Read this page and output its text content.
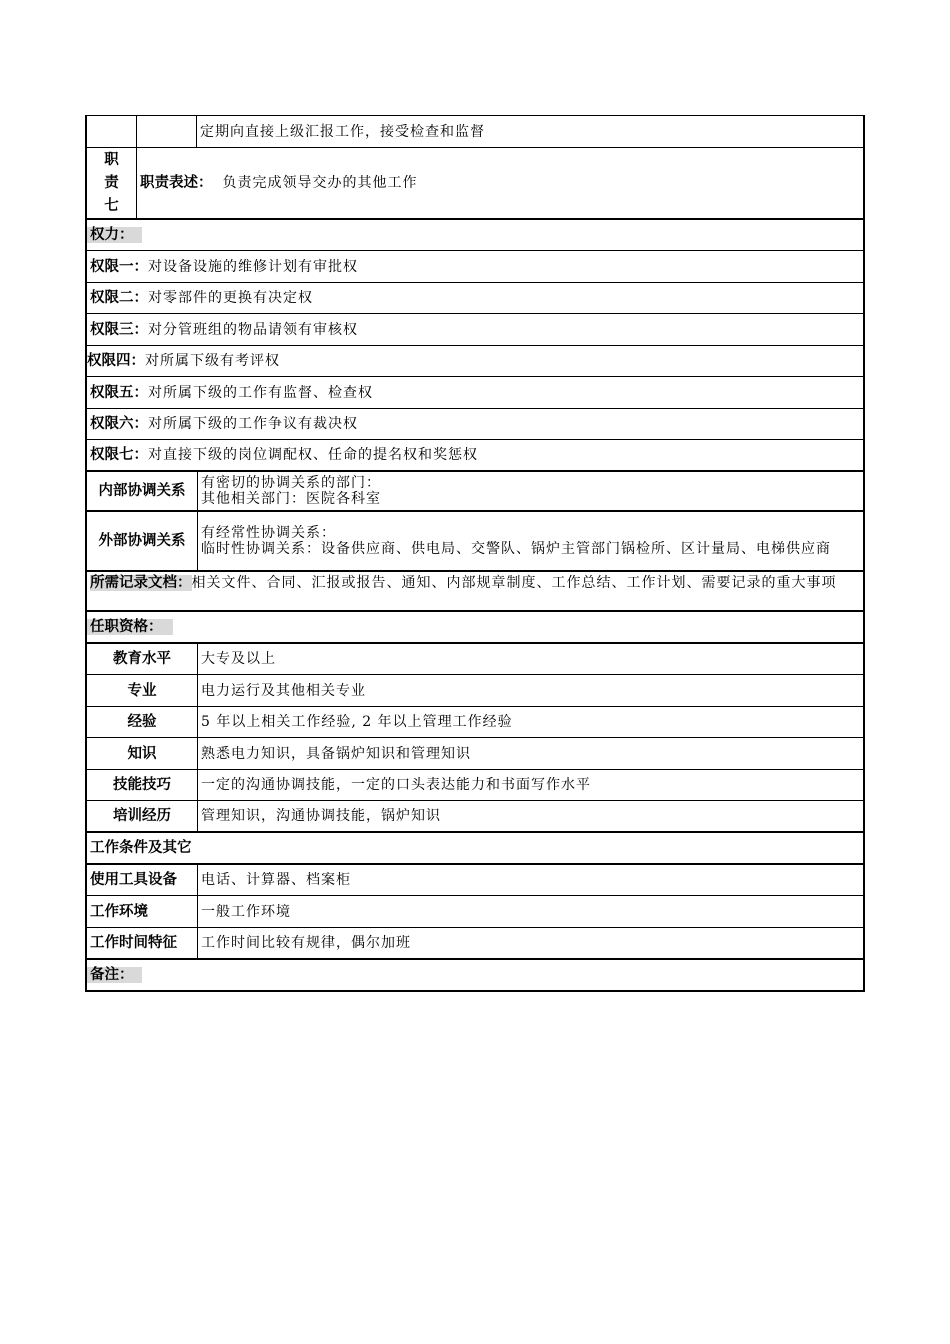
定期向直接上级汇报工作，接受检查和监督
职
责
七
职责表述： 负责完成领导交办的其他工作
权力：
权限一： 对设备设施的维修计划有审批权
权限二： 对零部件的更换有决定权
权限三： 对分管班组的物品请领有审核权
权限四： 对所属下级有考评权
权限五： 对所属下级的工作有监督、检查权
权限六： 对所属下级的工作争议有裁决权
权限七： 对直接下级的岗位调配权、任命的提名权和奖惩权
内部协调关系	有密切的协调关系的部门：
其他相关部门：医院各科室
外部协调关系	有经常性协调关系：
临时性协调关系：设备供应商、供电局、交警队、锅炉主管部门锅检所、区计量局、电梯供应商
所需记录文档：相关文件、合同、汇报或报告、通知、内部规章制度、工作总结、工作计划、需要记录的重大事项
任职资格：
教育水平	大专及以上
专业	电力运行及其他相关专业
经验	5 年以上相关工作经验, 2 年以上管理工作经验
知识	熟悉电力知识，具备锅炉知识和管理知识
技能技巧	一定的沟通协调技能，一定的口头表达能力和书面写作水平
培训经历	管理知识，沟通协调技能，锅炉知识
工作条件及其它
使用工具设备	电话、计算器、档案柜
工作环境	一般工作环境
工作时间特征	工作时间比较有规律，偶尔加班
备注：
